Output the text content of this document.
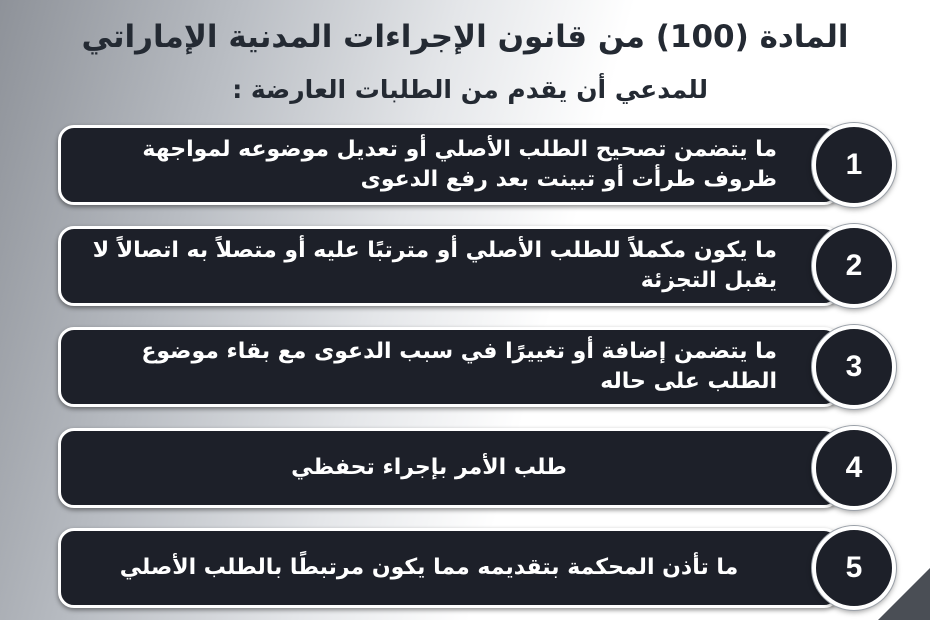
المادة (100) من قانون الإجراءات المدنية الإماراتي
للمدعي أن يقدم من الطلبات العارضة :
ما يتضمن تصحيح الطلب الأصلي أو تعديل موضوعه لمواجهة ظروف طرأت أو تبينت بعد رفع الدعوى	1
ما يكون مكملاً للطلب الأصلي أو مترتبًا عليه أو متصلاً به اتصالاً لا يقبل التجزئة	2
ما يتضمن إضافة أو تغييرًا في سبب الدعوى مع بقاء موضوع الطلب على حاله	3
طلب الأمر بإجراء تحفظي	4
ما تأذن المحكمة بتقديمه مما يكون مرتبطًا بالطلب الأصلي	5
